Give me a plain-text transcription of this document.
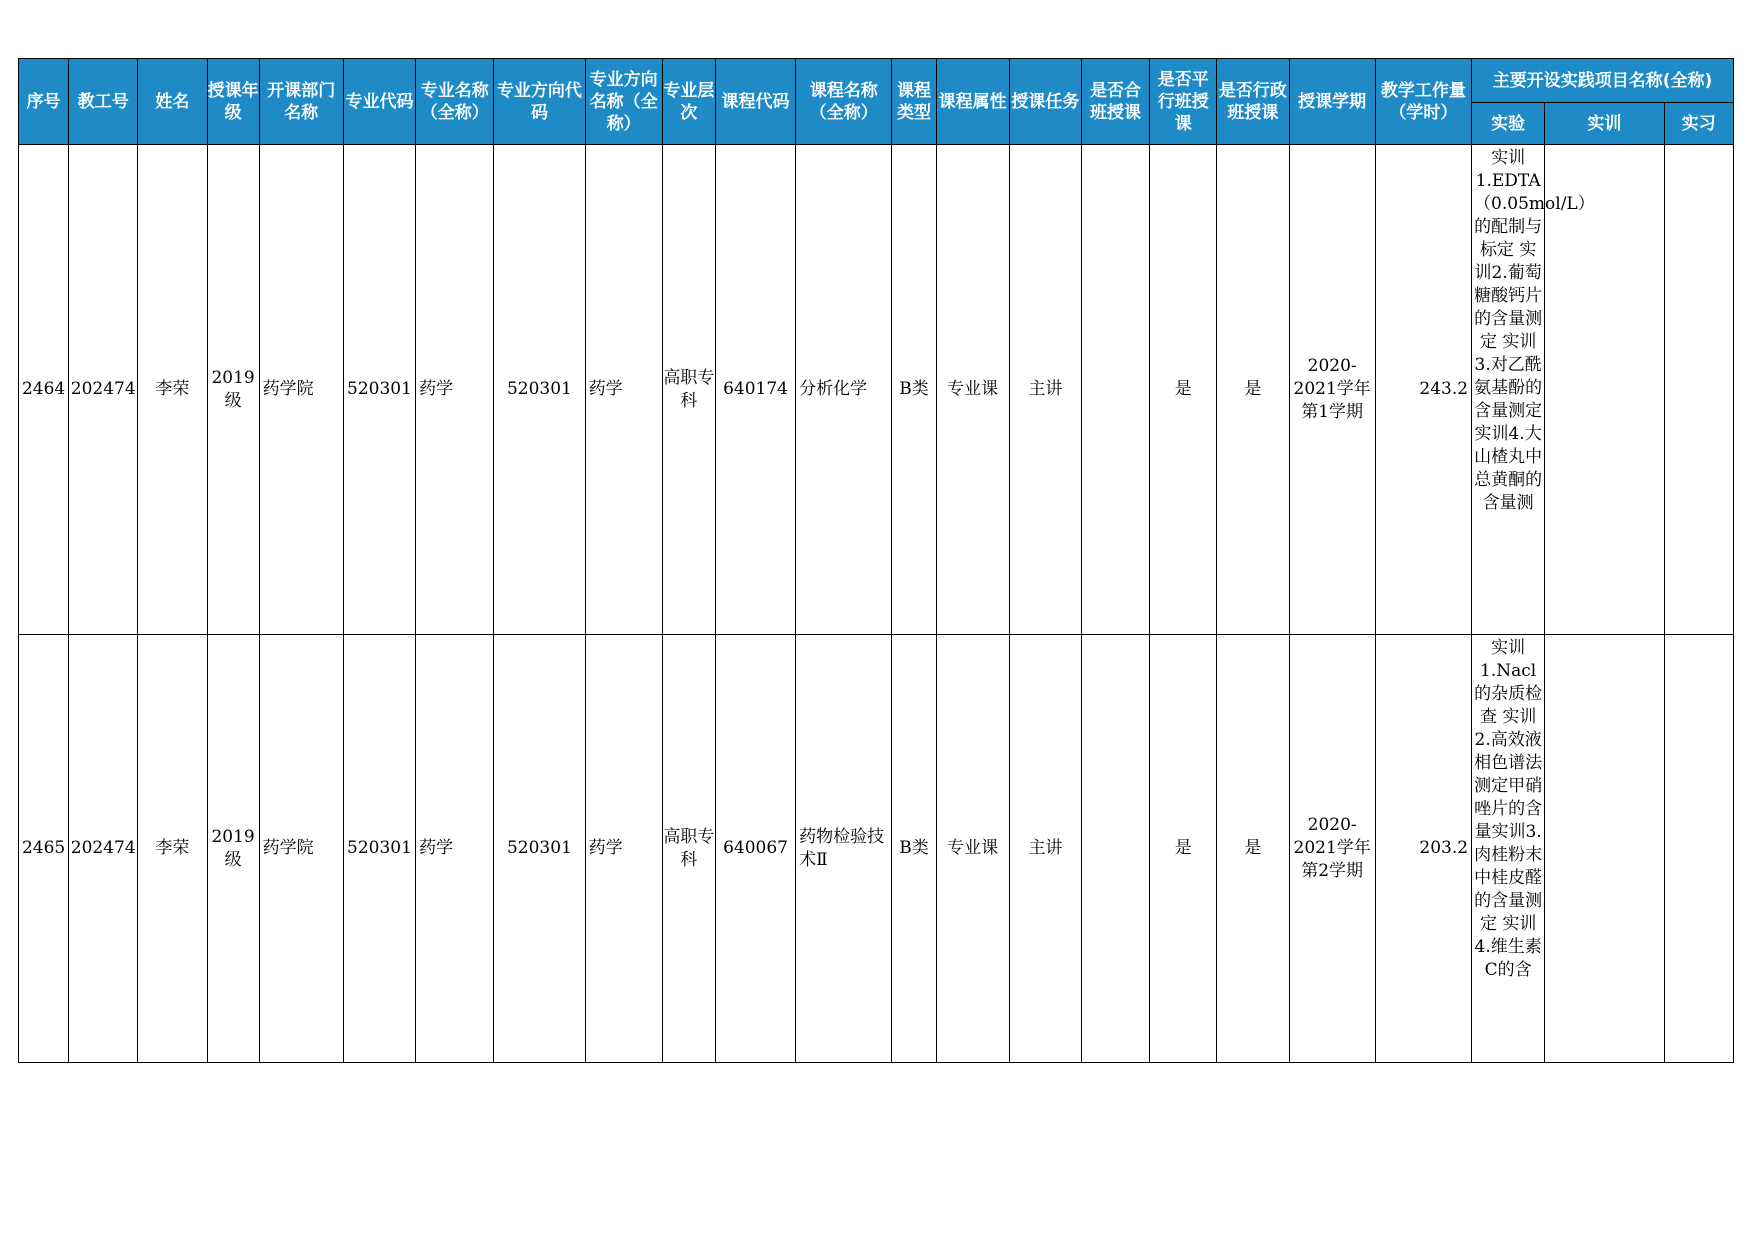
序号	教工号	姓名	授课年级	开课部门名称	专业代码	专业名称（全称）	专业方向代码	专业方向名称（全称）	专业层次	课程代码	课程名称（全称）	课程类型	课程属性	授课任务	是否合班授课	是否平行班授课	是否行政班授课	授课学期	教学工作量（学时）	主要开设实践项目名称(全称)		
																				实验	实训	实习
2464	202474	李荣	2019级	药学院	520301	药学	520301	药学	高职专科	640174	分析化学	B类	专业课	主讲		是	是	2020-2021学年第1学期	243.2	实训1.EDTA（0.05mol/L）的配制与标定 实训2.葡萄糖酸钙片的含量测定 实训3.对乙酰氨基酚的含量测定实训4.大山楂丸中总黄酮的含量测		

2465	202474	李荣	2019级	药学院	520301	药学	520301	药学	高职专科	640067	药物检验技术Ⅱ	B类	专业课	主讲		是	是	2020-2021学年第2学期	203.2	实训1.Nacl的杂质检查 实训2.高效液相色谱法测定甲硝唑片的含量实训3.肉桂粉末中桂皮醛的含量测定 实训4.维生素C的含		
